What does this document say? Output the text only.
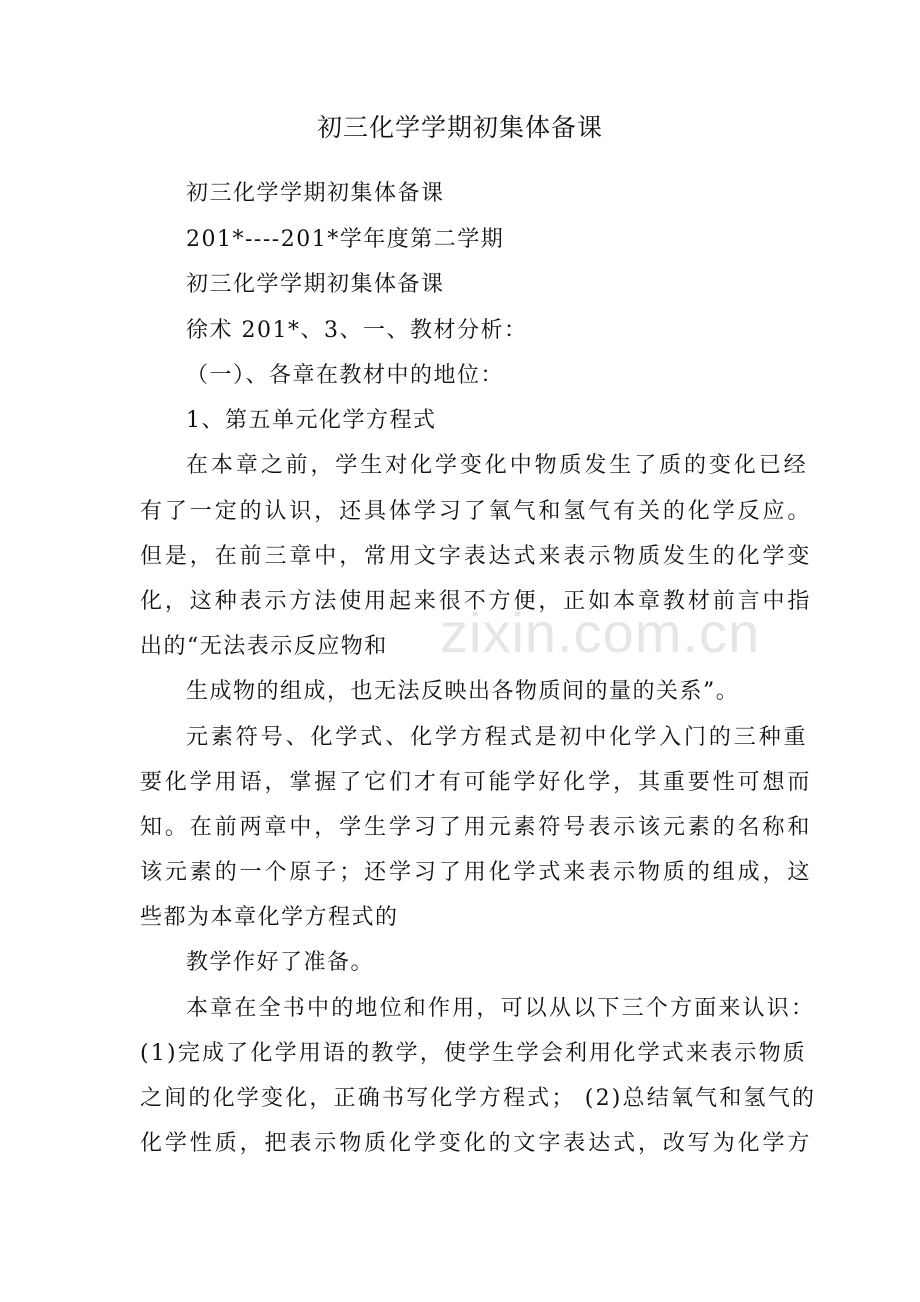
zixin.com.cn
初三化学学期初集体备课
初三化学学期初集体备课
201*----201*学年度第二学期
初三化学学期初集体备课
徐术 201*、3、一、教材分析：
（一）、各章在教材中的地位：
1、第五单元化学方程式
在本章之前，学生对化学变化中物质发生了质的变化已经
有了一定的认识，还具体学习了氧气和氢气有关的化学反应。
但是，在前三章中，常用文字表达式来表示物质发生的化学变
化，这种表示方法使用起来很不方便，正如本章教材前言中指
出的“无法表示反应物和
生成物的组成，也无法反映出各物质间的量的关系”。
元素符号、化学式、化学方程式是初中化学入门的三种重
要化学用语，掌握了它们才有可能学好化学，其重要性可想而
知。在前两章中，学生学习了用元素符号表示该元素的名称和
该元素的一个原子；还学习了用化学式来表示物质的组成，这
些都为本章化学方程式的
教学作好了准备。
本章在全书中的地位和作用，可以从以下三个方面来认识：
(1)完成了化学用语的教学，使学生学会利用化学式来表示物质
之间的化学变化，正确书写化学方程式； (2)总结氧气和氢气的
化学性质，把表示物质化学变化的文字表达式，改写为化学方
